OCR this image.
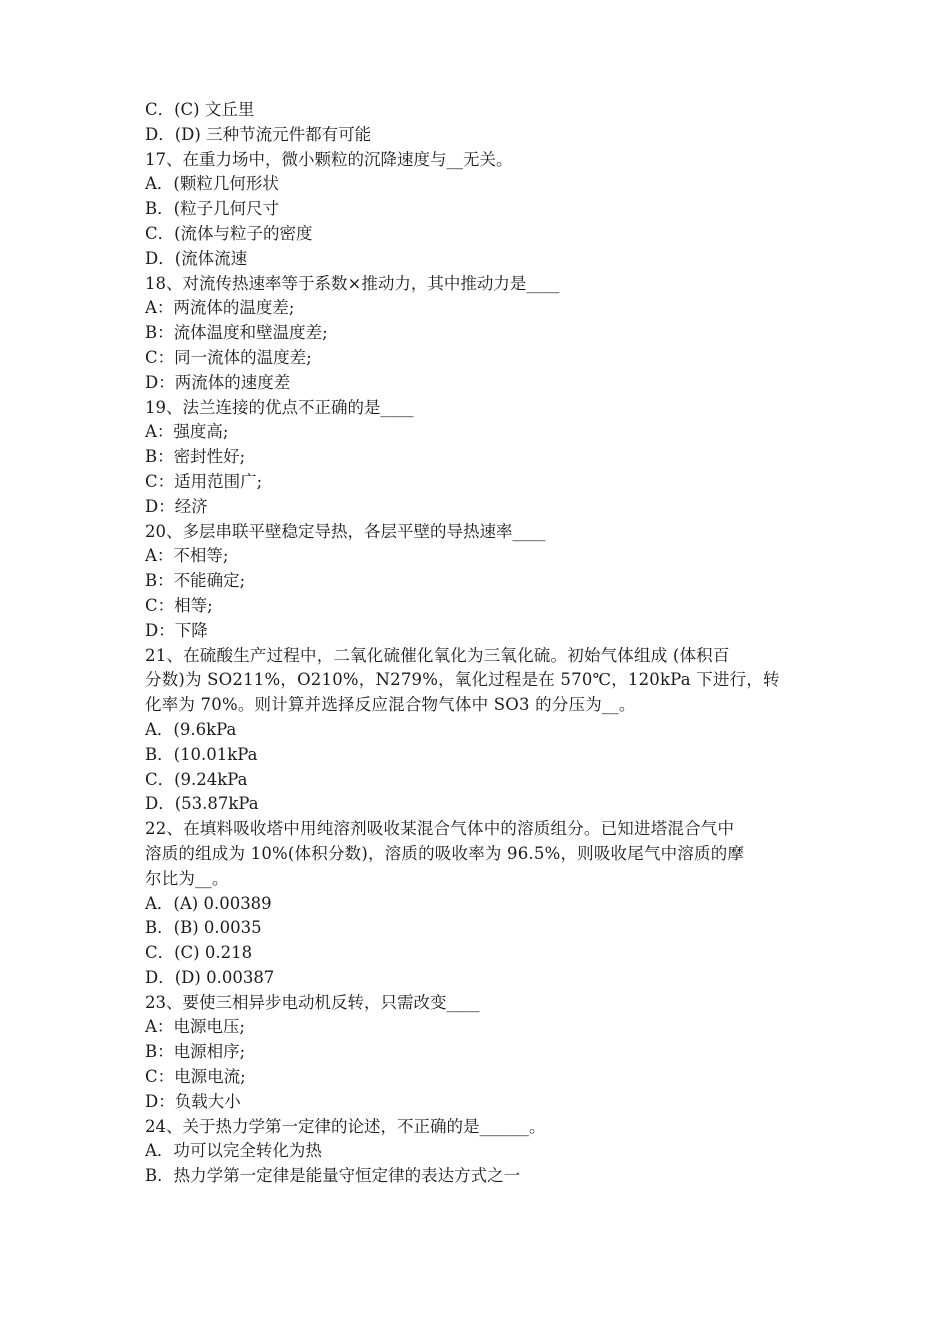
C．(C) 文丘里
D．(D) 三种节流元件都有可能
17、在重力场中，微小颗粒的沉降速度与__无关。
A．(颗粒几何形状
B．(粒子几何尺寸
C．(流体与粒子的密度
D．(流体流速
18、对流传热速率等于系数×推动力，其中推动力是____
A：两流体的温度差;
B：流体温度和壁温度差;
C：同一流体的温度差;
D：两流体的速度差
19、法兰连接的优点不正确的是____
A：强度高;
B：密封性好;
C：适用范围广;
D：经济
20、多层串联平壁稳定导热，各层平壁的导热速率____
A：不相等;
B：不能确定;
C：相等;
D：下降
21、在硫酸生产过程中，二氧化硫催化氧化为三氧化硫。初始气体组成 (体积百
分数)为 SO211%，O210%，N279%，氧化过程是在 570℃，120kPa 下进行，转
化率为 70%。则计算并选择反应混合物气体中 SO3 的分压为__。
A．(9.6kPa
B．(10.01kPa
C．(9.24kPa
D．(53.87kPa
22、在填料吸收塔中用纯溶剂吸收某混合气体中的溶质组分。已知进塔混合气中
溶质的组成为 10%(体积分数)，溶质的吸收率为 96.5%，则吸收尾气中溶质的摩
尔比为__。
A．(A) 0.00389
B．(B) 0.0035
C．(C) 0.218
D．(D) 0.00387
23、要使三相异步电动机反转，只需改变____
A：电源电压;
B：电源相序;
C：电源电流;
D：负载大小
24、关于热力学第一定律的论述，不正确的是______。
A．功可以完全转化为热
B．热力学第一定律是能量守恒定律的表达方式之一
